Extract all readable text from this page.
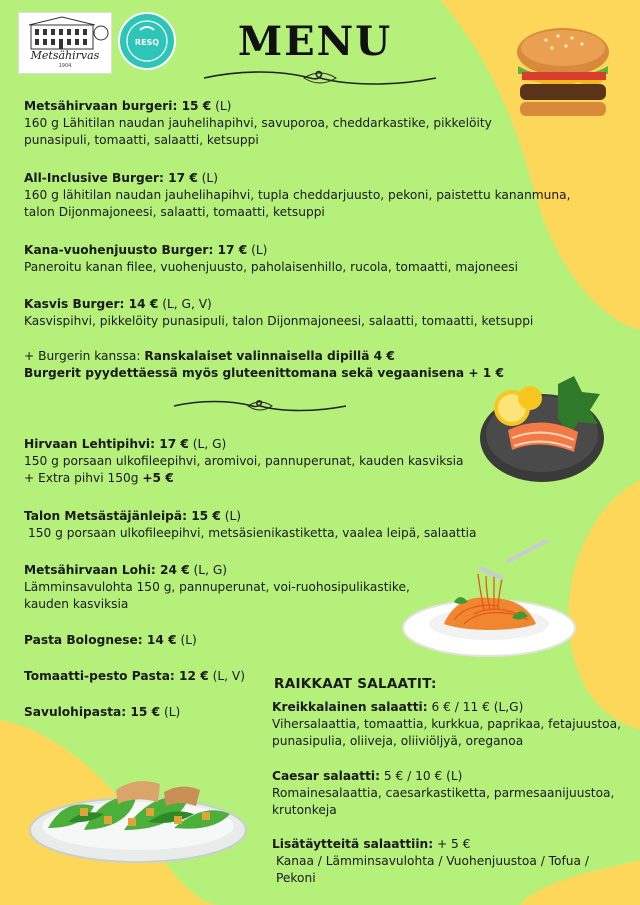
Metsähirvas
1904
RESQ	MENU
Metsähirvaan burgeri: 15 € (L)
160 g Lähitilan naudan jauhelihapihvi, savuporoa, cheddarkastike, pikkelöity punasipuli, tomaatti, salaatti, ketsuppi
All-Inclusive Burger: 17 € (L)
160 g lähitilan naudan jauhelihapihvi, tupla cheddarjuusto, pekoni, paistettu kananmuna, talon Dijonmajoneesi, salaatti, tomaatti, ketsuppi
Kana-vuohenjuusto Burger: 17 € (L)
Paneroitu kanan filee, vuohenjuusto, paholaisenhillo, rucola, tomaatti, majoneesi
Kasvis Burger: 14 € (L, G, V)
Kasvispihvi, pikkelöity punasipuli, talon Dijonmajoneesi, salaatti, tomaatti, ketsuppi
+ Burgerin kanssa: Ranskalaiset valinnaisella dipillä 4 €
Burgerit pyydettäessä myös gluteenittomana sekä vegaanisena + 1 €
Hirvaan Lehtipihvi: 17 € (L, G)
150 g porsaan ulkofileepihvi, aromivoi, pannuperunat, kauden kasviksia
+ Extra pihvi 150g +5 €
Talon Metsästäjänleipä: 15 € (L)
150 g porsaan ulkofileepihvi, metsäsienikastiketta, vaalea leipä, salaattia
Metsähirvaan Lohi: 24 € (L, G)
Lämminsavulohta 150 g, pannuperunat, voi-ruohosipulikastike, kauden kasviksia
Pasta Bolognese: 14 € (L)
Tomaatti-pesto Pasta: 12 € (L, V)
Savulohipasta: 15 € (L)
RAIKKAAT SALAATIT:
Kreikkalainen salaatti: 6 € / 11 € (L,G)
Vihersalaattia, tomaattia, kurkkua, paprikaa, fetajuustoa, punasipulia, oliiveja, oliiviöljyä, oreganoa
Caesar salaatti: 5 € / 10 € (L)
Romainesalaattia, caesarkastiketta, parmesaanijuustoa, krutonkeja
Lisätäytteitä salaattiin: + 5 €
Kanaa / Lämminsavulohta / Vuohenjuustoa / Tofua / Pekoni
